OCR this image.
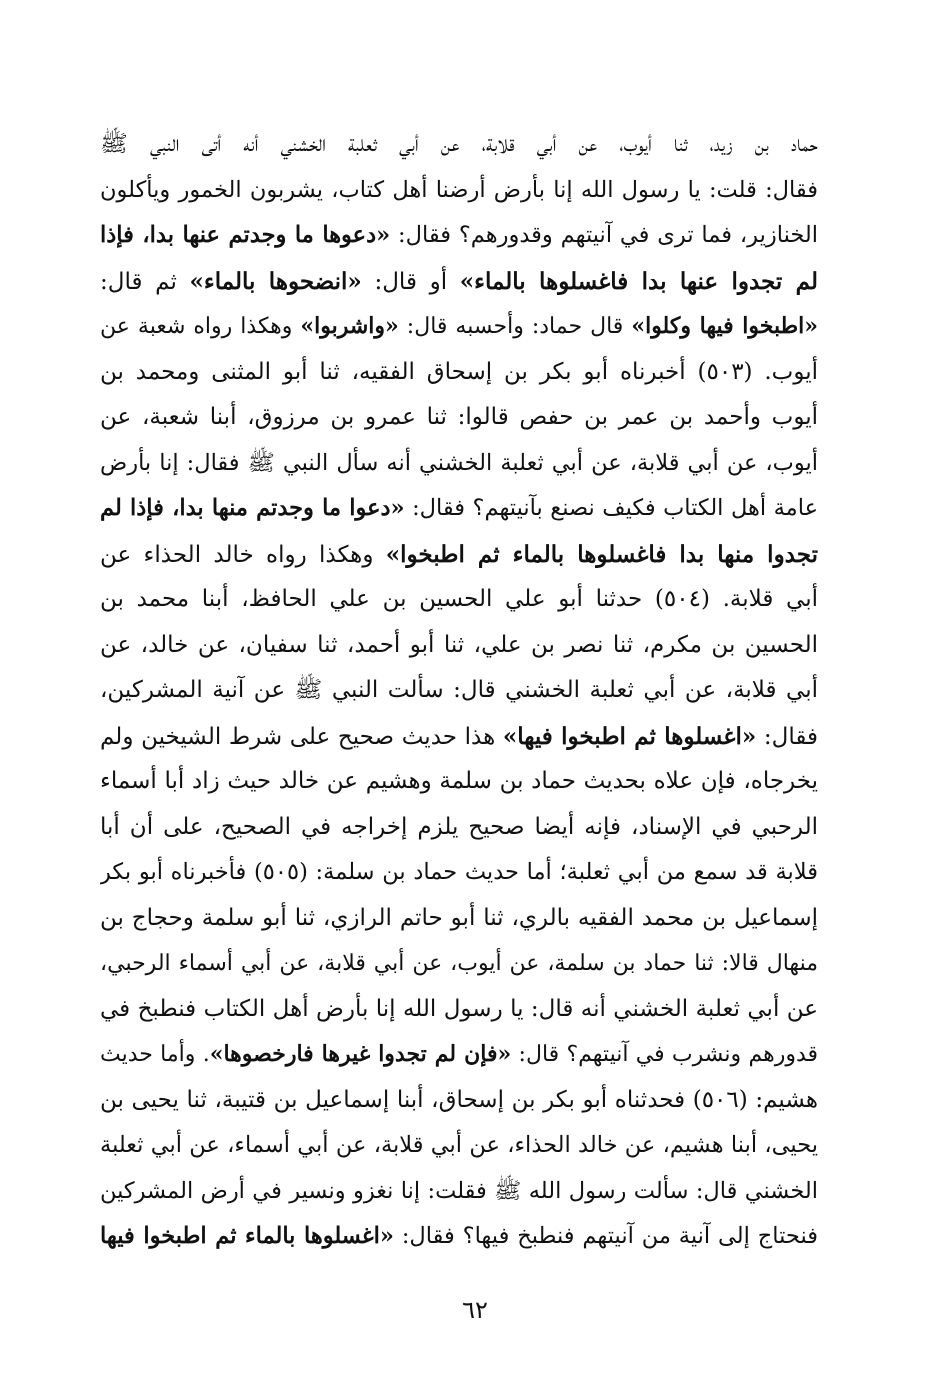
حماد بن زيد، ثنا أيوب، عن أبي قلابة، عن أبي ثعلبة الخشني أنه أتى النبي ﷺ
فقال: قلت: يا رسول الله إنا بأرض أرضنا أهل كتاب، يشربون الخمور ويأكلون
الخنازير، فما ترى في آنيتهم وقدورهم؟ فقال: «دعوها ما وجدتم عنها بدا، فإذا
لم تجدوا عنها بدا فاغسلوها بالماء» أو قال: «انضحوها بالماء» ثم قال:
«اطبخوا فيها وكلوا» قال حماد: وأحسبه قال: «واشربوا» وهكذا رواه شعبة عن
أيوب. (٥٠٣) أخبرناه أبو بكر بن إسحاق الفقيه، ثنا أبو المثنى ومحمد بن
أيوب وأحمد بن عمر بن حفص قالوا: ثنا عمرو بن مرزوق، أبنا شعبة، عن
أيوب، عن أبي قلابة، عن أبي ثعلبة الخشني أنه سأل النبي ﷺ فقال: إنا بأرض
عامة أهل الكتاب فكيف نصنع بآنيتهم؟ فقال: «دعوا ما وجدتم منها بدا، فإذا لم
تجدوا منها بدا فاغسلوها بالماء ثم اطبخوا» وهكذا رواه خالد الحذاء عن
أبي قلابة. (٥٠٤) حدثنا أبو علي الحسين بن علي الحافظ، أبنا محمد بن
الحسين بن مكرم، ثنا نصر بن علي، ثنا أبو أحمد، ثنا سفيان، عن خالد، عن
أبي قلابة، عن أبي ثعلبة الخشني قال: سألت النبي ﷺ عن آنية المشركين،
فقال: «اغسلوها ثم اطبخوا فيها» هذا حديث صحيح على شرط الشيخين ولم
يخرجاه، فإن علاه بحديث حماد بن سلمة وهشيم عن خالد حيث زاد أبا أسماء
الرحبي في الإسناد، فإنه أيضا صحيح يلزم إخراجه في الصحيح، على أن أبا
قلابة قد سمع من أبي ثعلبة؛ أما حديث حماد بن سلمة: (٥٠٥) فأخبرناه أبو بكر
إسماعيل بن محمد الفقيه بالري، ثنا أبو حاتم الرازي، ثنا أبو سلمة وحجاج بن
منهال قالا: ثنا حماد بن سلمة، عن أيوب، عن أبي قلابة، عن أبي أسماء الرحبي،
عن أبي ثعلبة الخشني أنه قال: يا رسول الله إنا بأرض أهل الكتاب فنطبخ في
قدورهم ونشرب في آنيتهم؟ قال: «فإن لم تجدوا غيرها فارخصوها». وأما حديث
هشيم: (٥٠٦) فحدثناه أبو بكر بن إسحاق، أبنا إسماعيل بن قتيبة، ثنا يحيى بن
يحيى، أبنا هشيم، عن خالد الحذاء، عن أبي قلابة، عن أبي أسماء، عن أبي ثعلبة
الخشني قال: سألت رسول الله ﷺ فقلت: إنا نغزو ونسير في أرض المشركين
فنحتاج إلى آنية من آنيتهم فنطبخ فيها؟ فقال: «اغسلوها بالماء ثم اطبخوا فيها
٦٢
